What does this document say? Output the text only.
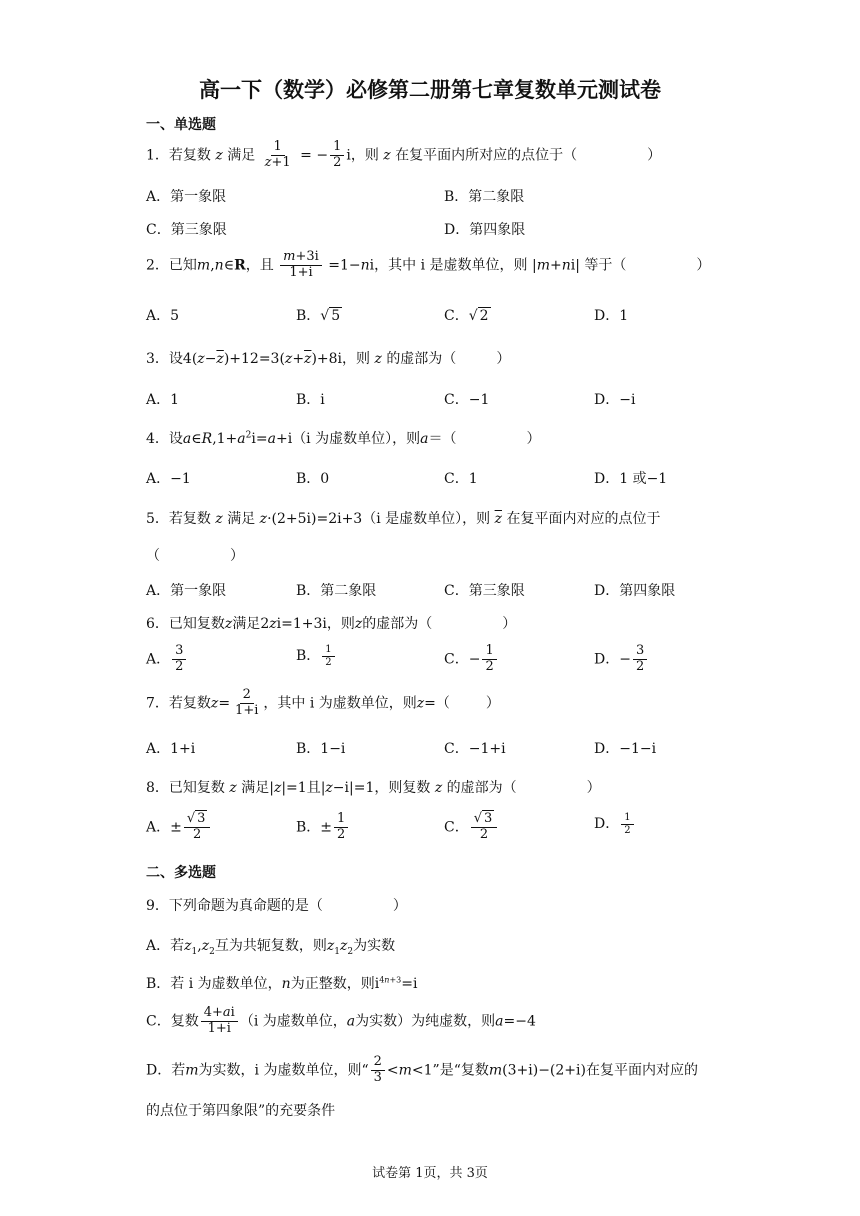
高一下（数学）必修第二册第七章复数单元测试卷
一、单选题
1．若复数 z 满足 $\frac{1}{z+1}$ = − $\frac{1}{2}$ i，则 z 在复平面内所对应的点位于（	）
A．第一象限	B．第二象限
C．第三象限	D．第四象限
2．已知m,n∈R，且 $\frac{m+3i}{1+i} =1-ni$，其中 i 是虚数单位，则 |m+ni| 等于（	）
A．5	B．√ 5	C．√ 2	D．1
3．设$4(z-\overline{z})+12=3(z+\overline{z})+8i$，则 z 的虚部为（	）
A．1	B．i	C．−1	D．−i
4．设$a\in R,1+a^2i=a+i(i$ 为虚数单位），则a＝（	）
A．−1	B．0	C．1	D．1 或−1
5．若复数 z 满足 z·(2+5i)=2i+3（i 是虚数单位），则 $\overline{z}$ 在复平面内对应的点位于
（	）
A．第一象限	B．第二象限	C．第三象限	D．第四象限
6．已知复数z满足2zi=1+3i，则z的虚部为（	）
A． $\frac{3}{2}$	B． $\frac{1}{2}$	C．− $\frac{1}{2}$	D．− $\frac{3}{2}$
7．若复数$z= \frac{2}{1+i}$ ，其中 i 为虚数单位，则z=（	）
A．1+i	B．1−i	C．−1+i	D．−1−i
8．已知复数 z 满足|z|=1且|z−i|=1，则复数 z 的虚部为（	）
A．± $\frac{√ 3}{2}$	B．± $\frac{1}{2}$	C． $\frac{√ 3}{2}$	D． $\frac{1}{2}$
二、多选题
9．下列命题为真命题的是（	）
A．若$z_1,z_2$互为共轭复数，则$z_1z_2$为实数
B．若 i 为虚数单位，n为正整数，则$i^{4n+3}=i$
C．复数 $\frac{4+ai}{1+i} (i$ 为虚数单位，a为实数）为纯虚数，则a=−4
D．若m为实数，i 为虚数单位，则“ $\frac{2}{3} <m<1$”是“复数m(3+i)−(2+i)在复平面内对应的
的点位于第四象限”的充要条件
试卷第 1页，共 3页
